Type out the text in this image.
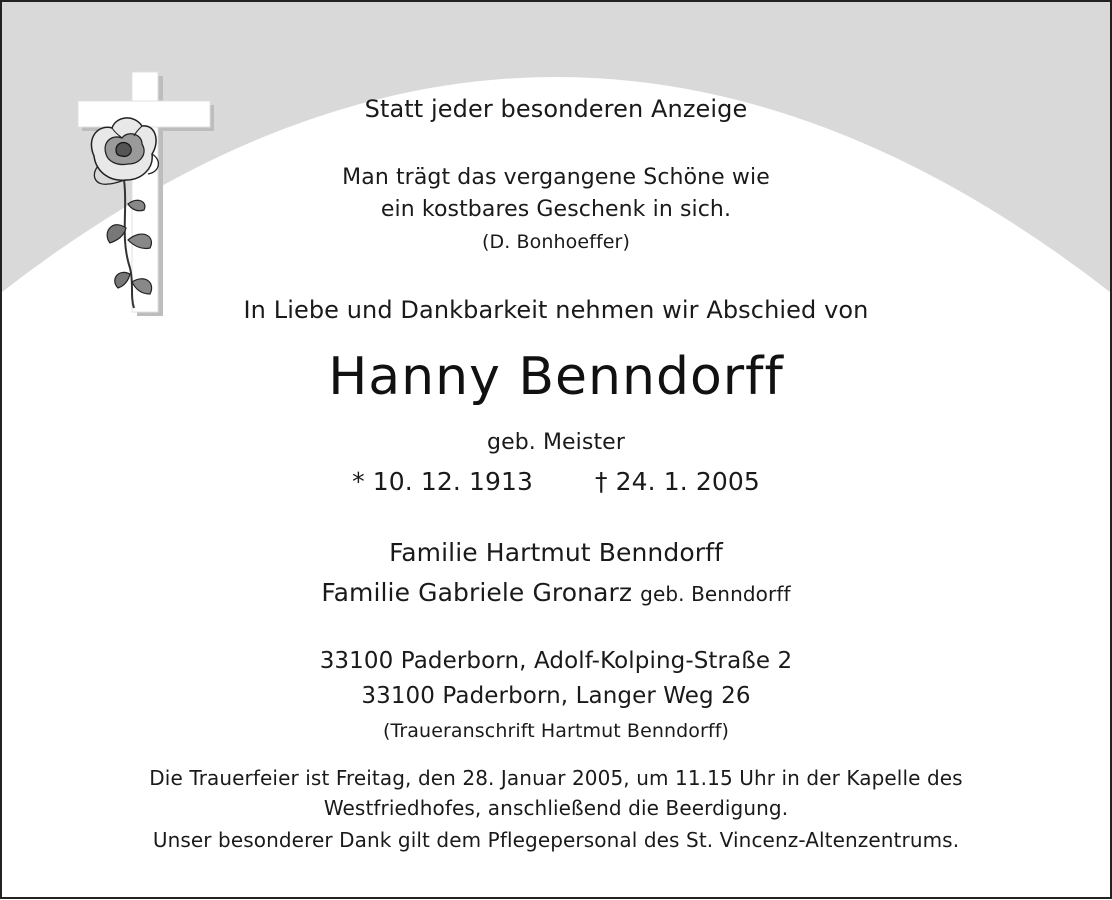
Statt jeder besonderen Anzeige
Man trägt das vergangene Schöne wie
ein kostbares Geschenk in sich.
(D. Bonhoeffer)
In Liebe und Dankbarkeit nehmen wir Abschied von
Hanny Benndorff
geb. Meister
* 10. 12. 1913 † 24. 1. 2005
Familie Hartmut Benndorff
Familie Gabriele Gronarz geb. Benndorff
33100 Paderborn, Adolf-Kolping-Straße 2
33100 Paderborn, Langer Weg 26
(Traueranschrift Hartmut Benndorff)
Die Trauerfeier ist Freitag, den 28. Januar 2005, um 11.15 Uhr in der Kapelle des
Westfriedhofes, anschließend die Beerdigung.
Unser besonderer Dank gilt dem Pflegepersonal des St. Vincenz-Altenzentrums.
